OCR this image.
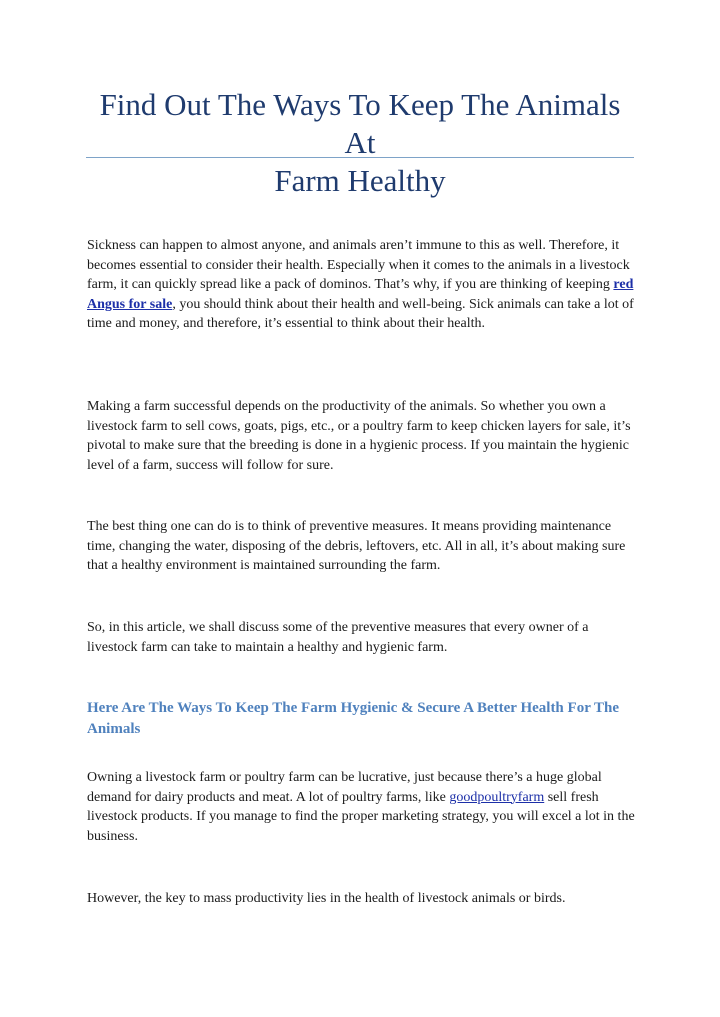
Find Out The Ways To Keep The Animals At
Farm Healthy

Sickness can happen to almost anyone, and animals aren’t immune to this as well. Therefore, it becomes essential to consider their health. Especially when it comes to the animals in a livestock farm, it can quickly spread like a pack of dominos. That’s why, if you are thinking of keeping red Angus for sale, you should think about their health and well-being. Sick animals can take a lot of time and money, and therefore, it’s essential to think about their health.

Making a farm successful depends on the productivity of the animals. So whether you own a livestock farm to sell cows, goats, pigs, etc., or a poultry farm to keep chicken layers for sale, it’s pivotal to make sure that the breeding is done in a hygienic process. If you maintain the hygienic level of a farm, success will follow for sure.

The best thing one can do is to think of preventive measures. It means providing maintenance time, changing the water, disposing of the debris, leftovers, etc. All in all, it’s about making sure that a healthy environment is maintained surrounding the farm.

So, in this article, we shall discuss some of the preventive measures that every owner of a livestock farm can take to maintain a healthy and hygienic farm.

Here Are The Ways To Keep The Farm Hygienic & Secure A Better Health For The Animals

Owning a livestock farm or poultry farm can be lucrative, just because there’s a huge global demand for dairy products and meat. A lot of poultry farms, like goodpoultryfarm sell fresh livestock products. If you manage to find the proper marketing strategy, you will excel a lot in the business.

However, the key to mass productivity lies in the health of livestock animals or birds.
